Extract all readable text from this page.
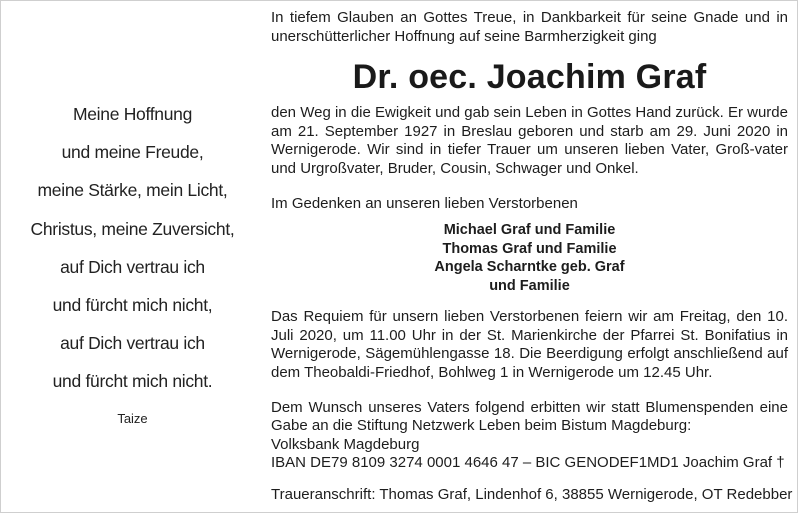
Meine Hoffnung
und meine Freude,
meine Stärke, mein Licht,
Christus, meine Zuversicht,
auf Dich vertrau ich
und fürcht mich nicht,
auf Dich vertrau ich
und fürcht mich nicht.
Taize

In tiefem Glauben an Gottes Treue, in Dankbarkeit für seine Gnade und in unerschütterlicher Hoffnung auf seine Barmherzigkeit ging

Dr. oec. Joachim Graf

den Weg in die Ewigkeit und gab sein Leben in Gottes Hand zurück. Er wurde am 21. September 1927 in Breslau geboren und starb am 29. Juni 2020 in Wernigerode. Wir sind in tiefer Trauer um unseren lieben Vater, Groß-vater und Urgroßvater, Bruder, Cousin, Schwager und Onkel.

Im Gedenken an unseren lieben Verstorbenen

Michael Graf und Familie
Thomas Graf und Familie
Angela Scharntke geb. Graf
und Familie

Das Requiem für unsern lieben Verstorbenen feiern wir am Freitag, den 10. Juli 2020, um 11.00 Uhr in der St. Marienkirche der Pfarrei St. Bonifatius in Wernigerode, Sägemühlengasse 18. Die Beerdigung erfolgt anschließend auf dem Theobaldi-Friedhof, Bohlweg 1 in Wernigerode um 12.45 Uhr.

Dem Wunsch unseres Vaters folgend erbitten wir statt Blumenspenden eine Gabe an die Stiftung Netzwerk Leben beim Bistum Magdeburg:

Volksbank Magdeburg

IBAN DE79 8109 3274 0001 4646 47 – BIC GENODEF1MD1 Joachim Graf †

Traueranschrift: Thomas Graf, Lindenhof 6, 38855 Wernigerode, OT Redebber
